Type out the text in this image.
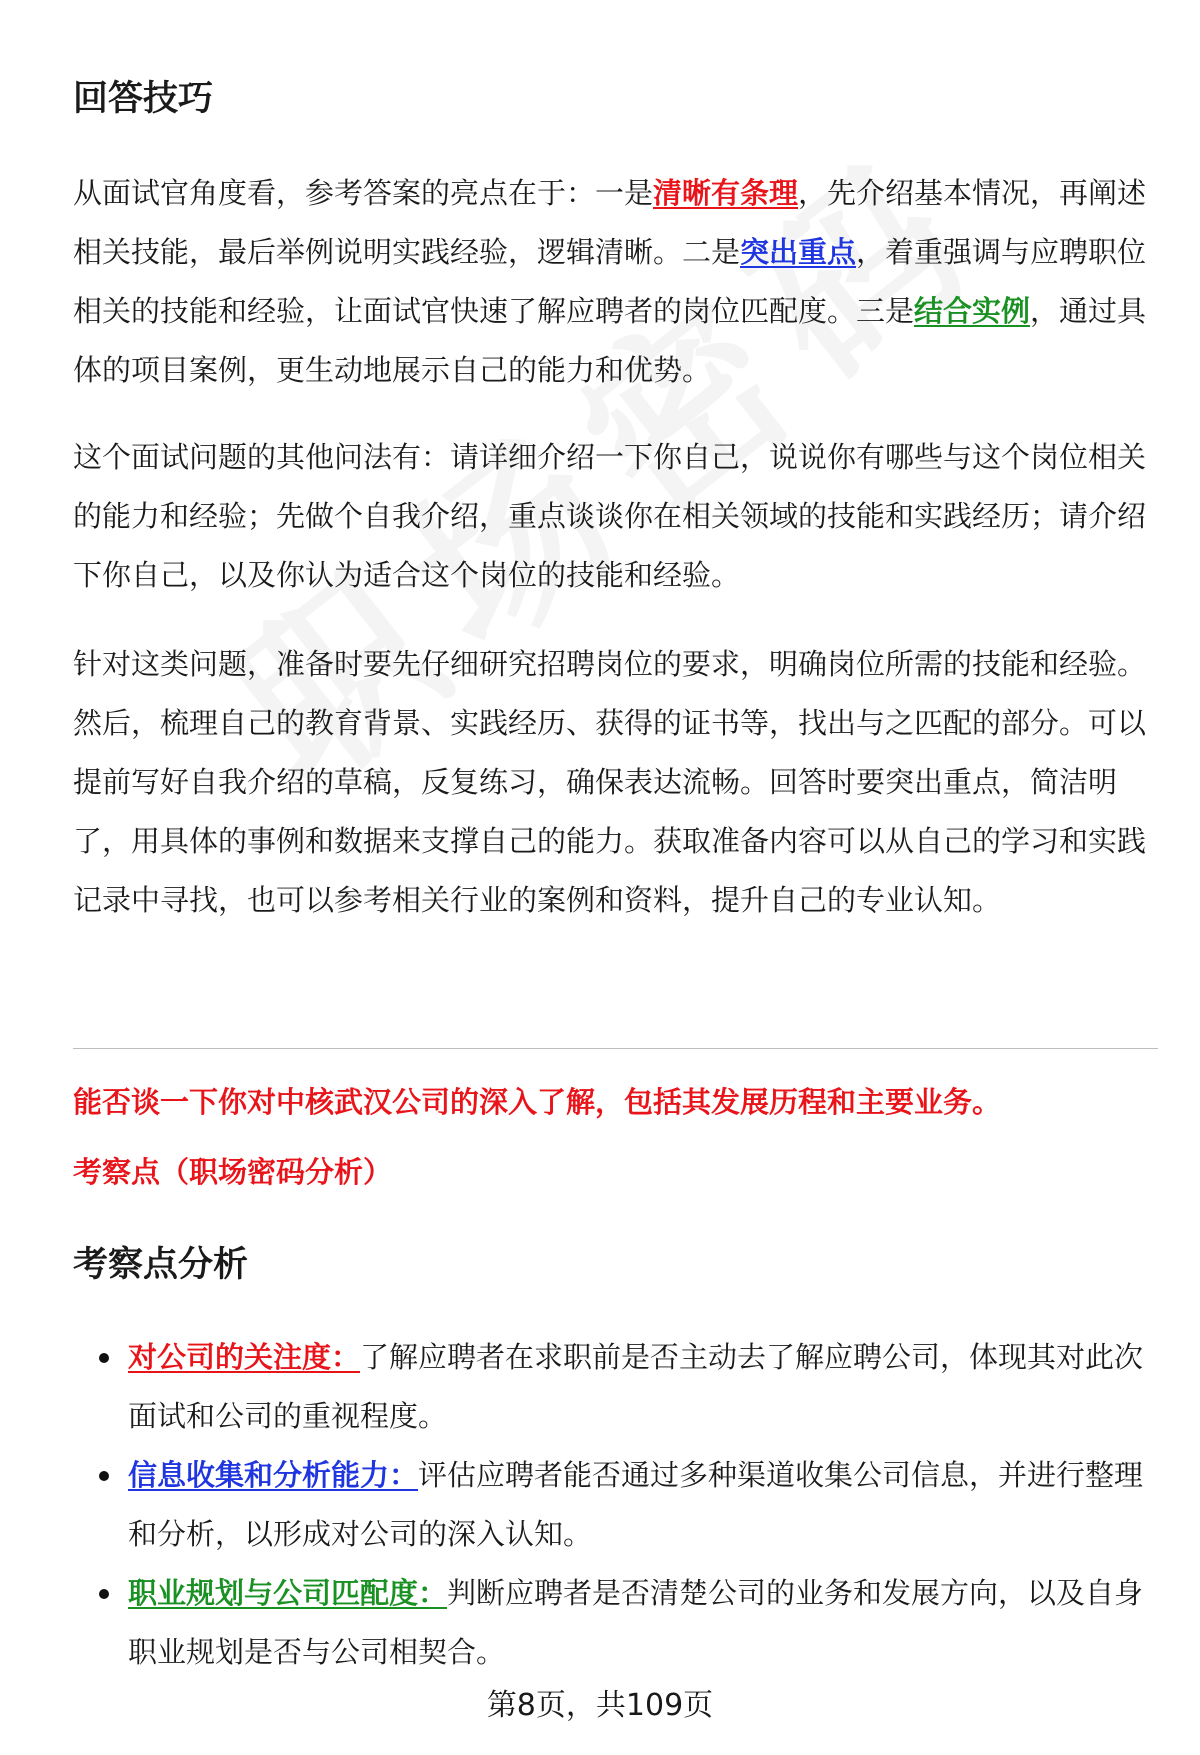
回答技巧

从面试官角度看，参考答案的亮点在于：一是清晰有条理，先介绍基本情况，再阐述相关技能，最后举例说明实践经验，逻辑清晰。二是突出重点，着重强调与应聘职位相关的技能和经验，让面试官快速了解应聘者的岗位匹配度。三是结合实例，通过具体的项目案例，更生动地展示自己的能力和优势。

这个面试问题的其他问法有：请详细介绍一下你自己，说说你有哪些与这个岗位相关的能力和经验；先做个自我介绍，重点谈谈你在相关领域的技能和实践经历；请介绍下你自己，以及你认为适合这个岗位的技能和经验。

针对这类问题，准备时要先仔细研究招聘岗位的要求，明确岗位所需的技能和经验。然后，梳理自己的教育背景、实践经历、获得的证书等，找出与之匹配的部分。可以提前写好自我介绍的草稿，反复练习，确保表达流畅。回答时要突出重点，简洁明了，用具体的事例和数据来支撑自己的能力。获取准备内容可以从自己的学习和实践记录中寻找，也可以参考相关行业的案例和资料，提升自己的专业认知。

能否谈一下你对中核武汉公司的深入了解，包括其发展历程和主要业务。
考察点（职场密码分析）
考察点分析
对公司的关注度：了解应聘者在求职前是否主动去了解应聘公司，体现其对此次面试和公司的重视程度。
信息收集和分析能力：评估应聘者能否通过多种渠道收集公司信息，并进行整理和分析，以形成对公司的深入认知。
职业规划与公司匹配度：判断应聘者是否清楚公司的业务和发展方向，以及自身职业规划是否与公司相契合。
第8页，共109页
